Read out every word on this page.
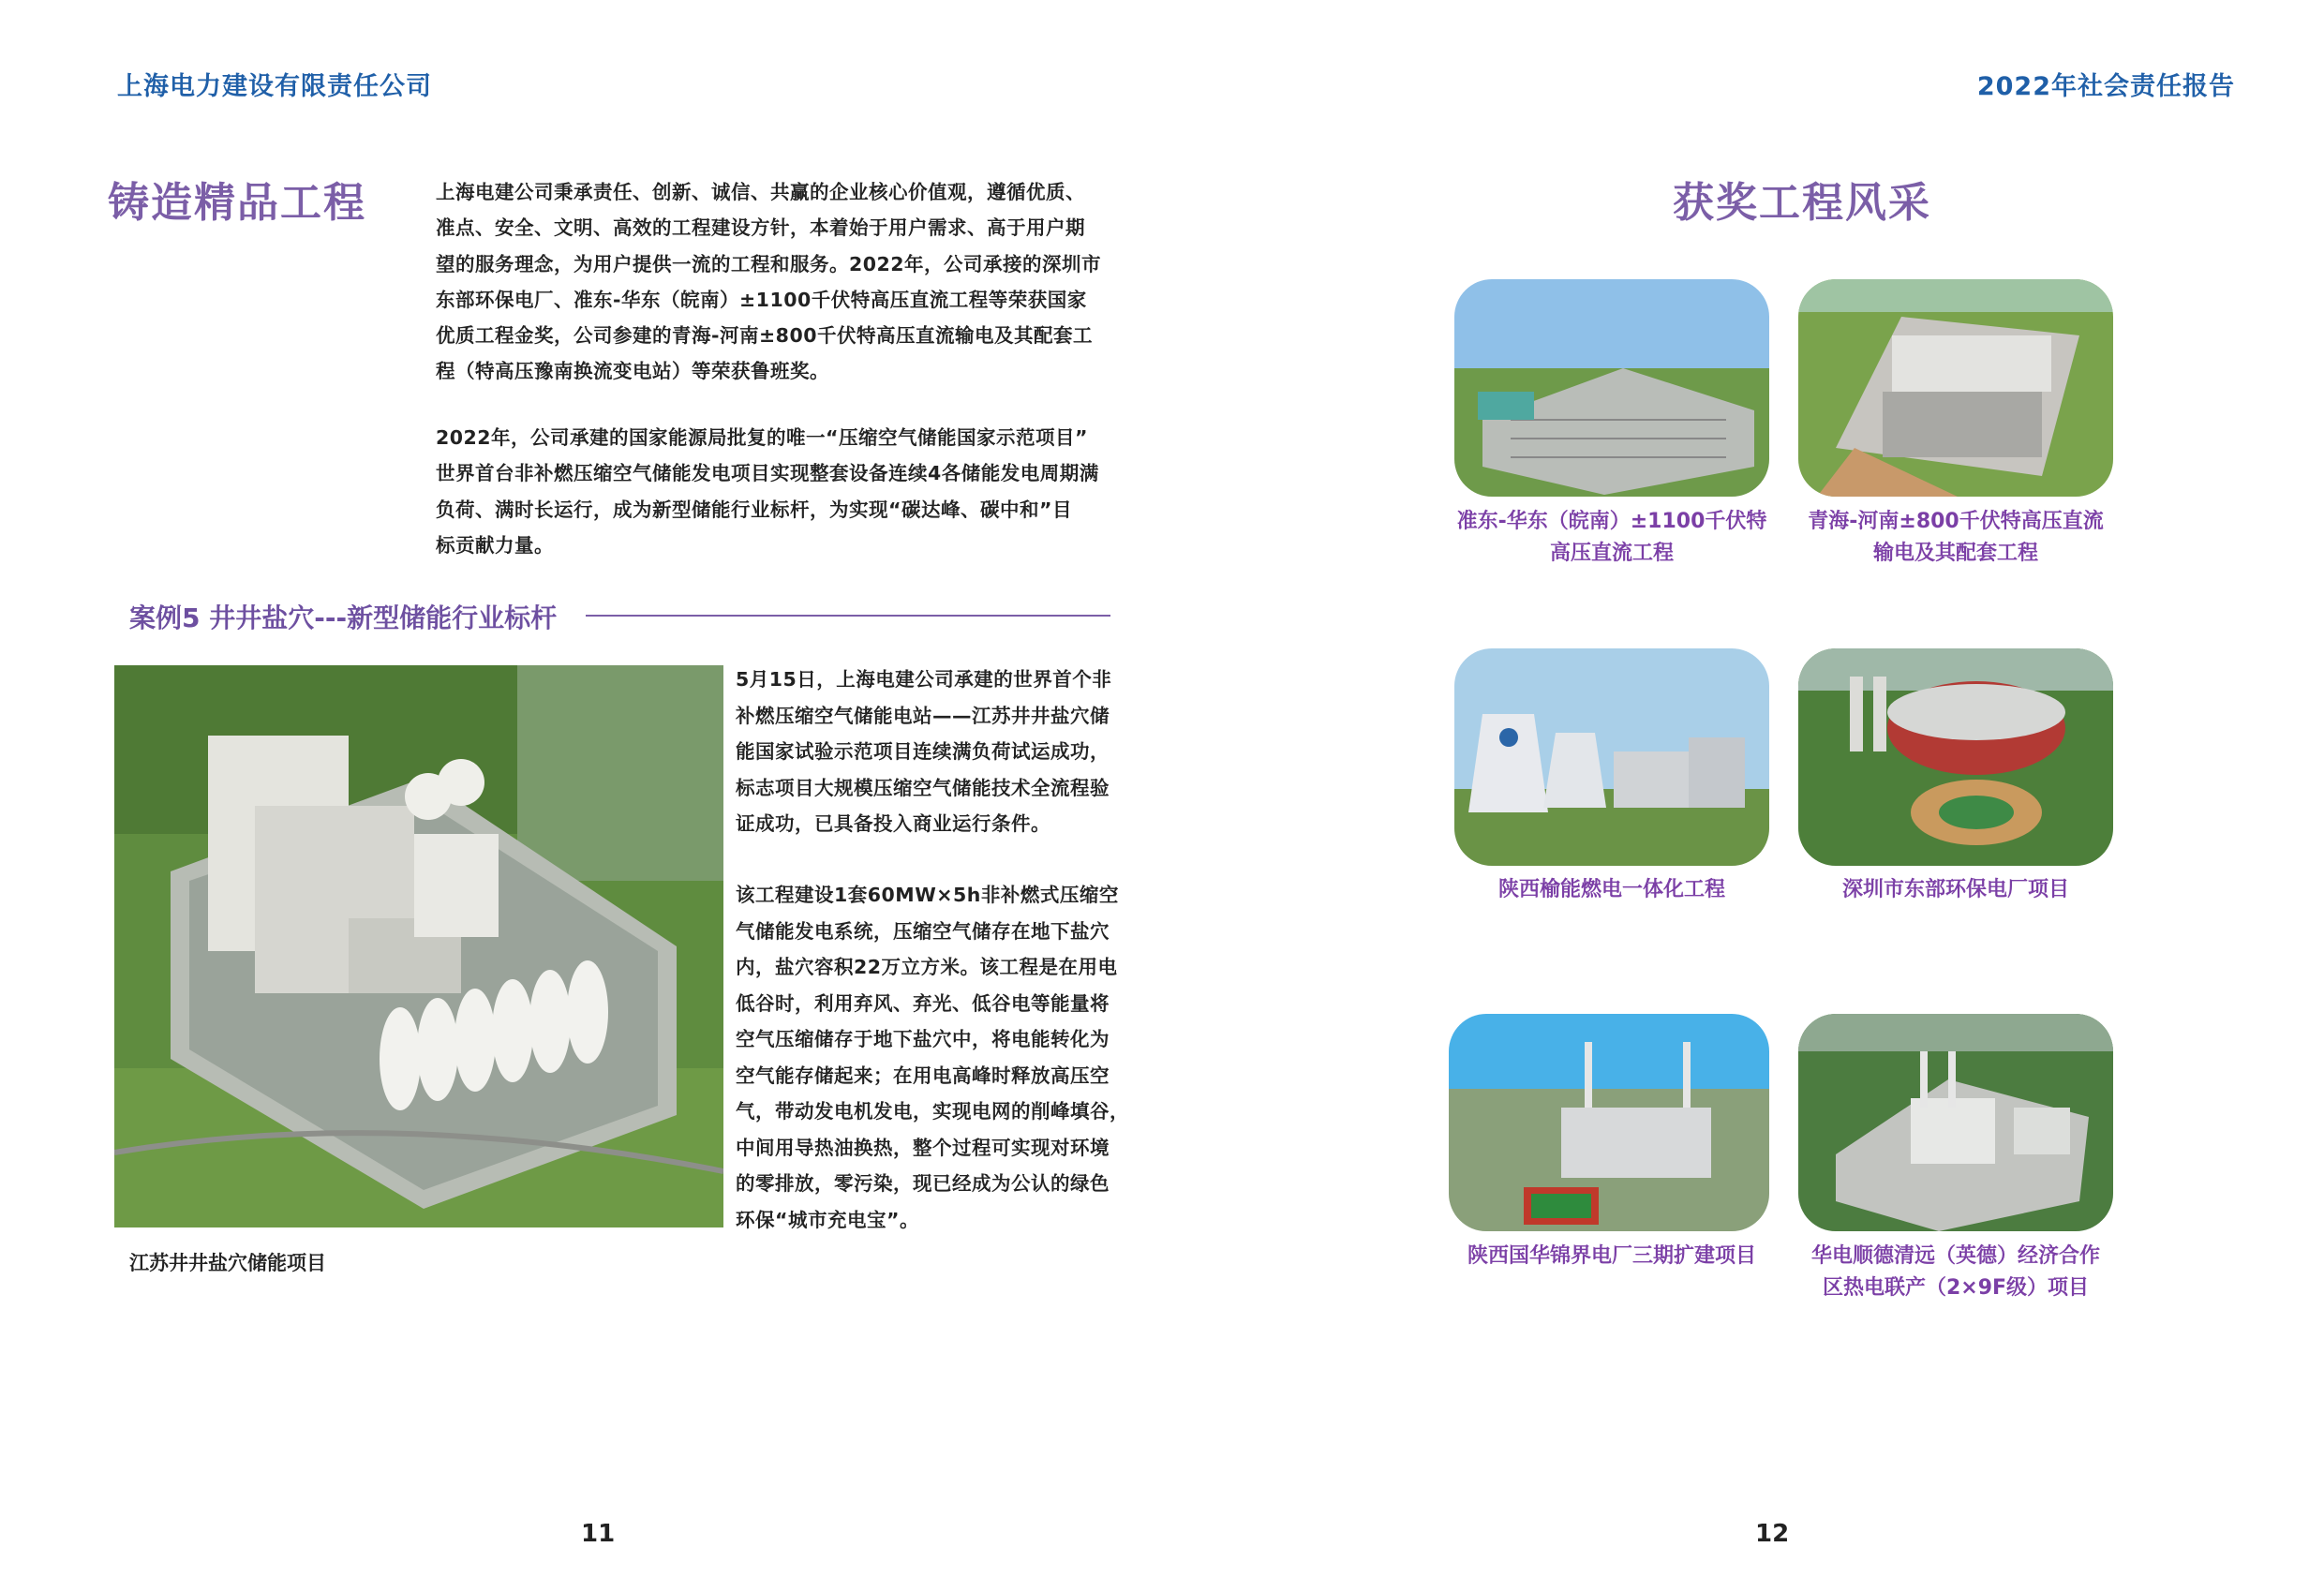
上海电力建设有限责任公司
铸造精品工程	上海电建公司秉承责任、创新、诚信、共赢的企业核心价值观，遵循优质、
准点、安全、文明、高效的工程建设方针，本着始于用户需求、高于用户期
望的服务理念，为用户提供一流的工程和服务。2022年，公司承接的深圳市
东部环保电厂、准东-华东（皖南）±1100千伏特高压直流工程等荣获国家
优质工程金奖，公司参建的青海-河南±800千伏特高压直流输电及其配套工
程（特高压豫南换流变电站）等荣获鲁班奖。
2022年，公司承建的国家能源局批复的唯一“压缩空气储能国家示范项目”
世界首台非补燃压缩空气储能发电项目实现整套设备连续4各储能发电周期满
负荷、满时长运行，成为新型储能行业标杆，为实现“碳达峰、碳中和”目
标贡献力量。
案例5 井井盐穴---新型储能行业标杆
5月15日，上海电建公司承建的世界首个非
补燃压缩空气储能电站——江苏井井盐穴储
能国家试验示范项目连续满负荷试运成功，
标志项目大规模压缩空气储能技术全流程验
证成功，已具备投入商业运行条件。
该工程建设1套60MW×5h非补燃式压缩空
气储能发电系统，压缩空气储存在地下盐穴
内，盐穴容积22万立方米。该工程是在用电
低谷时，利用弃风、弃光、低谷电等能量将
空气压缩储存于地下盐穴中，将电能转化为
空气能存储起来；在用电高峰时释放高压空
气，带动发电机发电，实现电网的削峰填谷，
中间用导热油换热，整个过程可实现对环境
的零排放，零污染，现已经成为公认的绿色
环保“城市充电宝”。
江苏井井盐穴储能项目
11
2022年社会责任报告
获奖工程风采
准东-华东（皖南）±1100千伏特
高压直流工程
青海-河南±800千伏特高压直流
输电及其配套工程
陕西榆能燃电一体化工程	深圳市东部环保电厂项目
陕西国华锦界电厂三期扩建项目	华电顺德清远（英德）经济合作
区热电联产（2×9F级）项目
12
